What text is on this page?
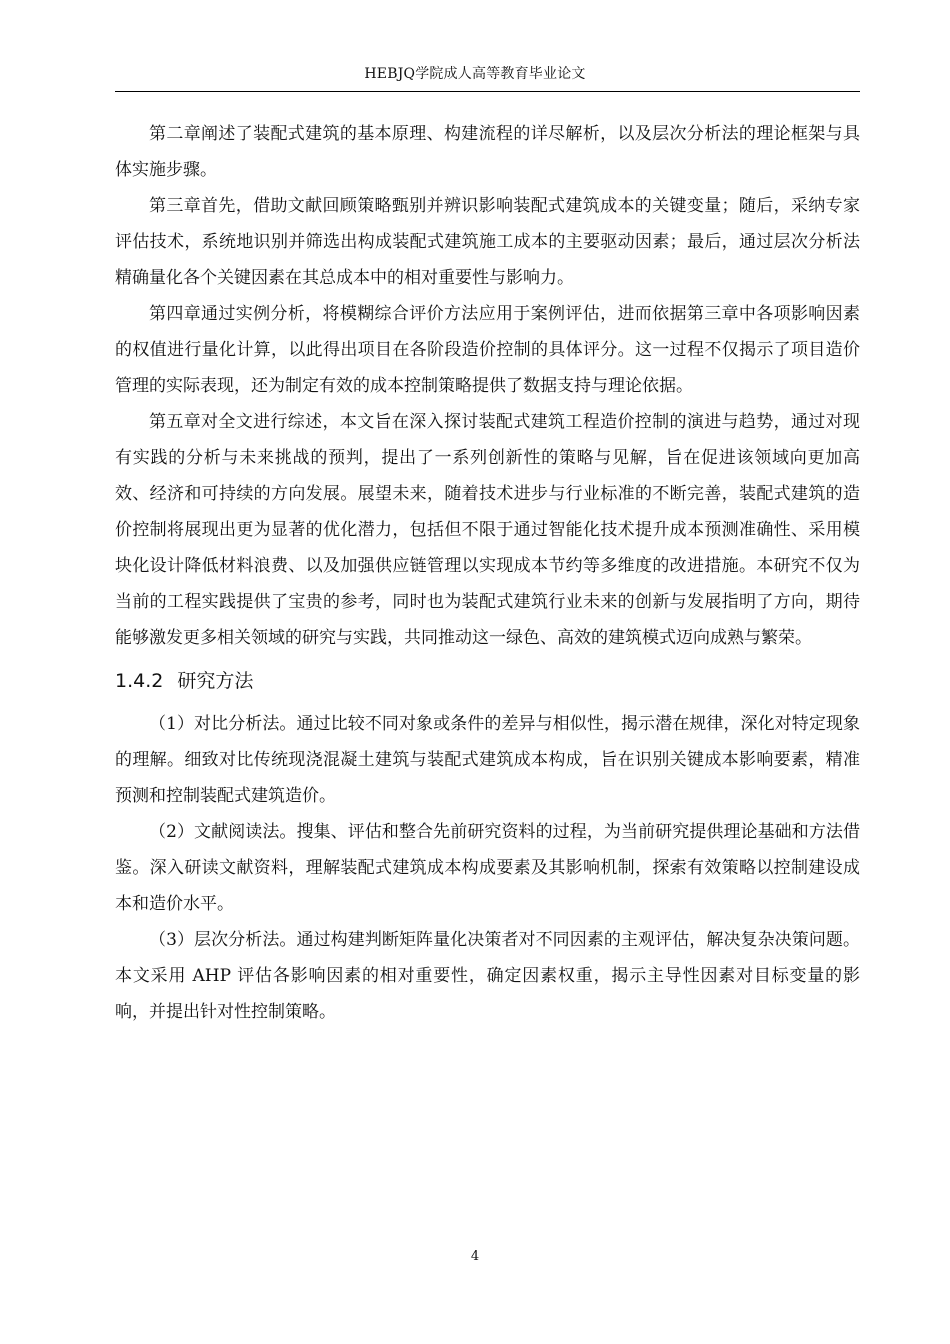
HEBJQ学院成人高等教育毕业论文

第二章阐述了装配式建筑的基本原理、构建流程的详尽解析，以及层次分析法的理论框架与具体实施步骤。

第三章首先，借助文献回顾策略甄别并辨识影响装配式建筑成本的关键变量；随后，采纳专家评估技术，系统地识别并筛选出构成装配式建筑施工成本的主要驱动因素；最后，通过层次分析法精确量化各个关键因素在其总成本中的相对重要性与影响力。

第四章通过实例分析，将模糊综合评价方法应用于案例评估，进而依据第三章中各项影响因素的权值进行量化计算，以此得出项目在各阶段造价控制的具体评分。这一过程不仅揭示了项目造价管理的实际表现，还为制定有效的成本控制策略提供了数据支持与理论依据。

第五章对全文进行综述，本文旨在深入探讨装配式建筑工程造价控制的演进与趋势，通过对现有实践的分析与未来挑战的预判，提出了一系列创新性的策略与见解，旨在促进该领域向更加高效、经济和可持续的方向发展。展望未来，随着技术进步与行业标准的不断完善，装配式建筑的造价控制将展现出更为显著的优化潜力，包括但不限于通过智能化技术提升成本预测准确性、采用模块化设计降低材料浪费、以及加强供应链管理以实现成本节约等多维度的改进措施。本研究不仅为当前的工程实践提供了宝贵的参考，同时也为装配式建筑行业未来的创新与发展指明了方向，期待能够激发更多相关领域的研究与实践，共同推动这一绿色、高效的建筑模式迈向成熟与繁荣。

1.4.2 研究方法

（1）对比分析法。通过比较不同对象或条件的差异与相似性，揭示潜在规律，深化对特定现象的理解。细致对比传统现浇混凝土建筑与装配式建筑成本构成，旨在识别关键成本影响要素，精准预测和控制装配式建筑造价。

（2）文献阅读法。搜集、评估和整合先前研究资料的过程，为当前研究提供理论基础和方法借鉴。深入研读文献资料，理解装配式建筑成本构成要素及其影响机制，探索有效策略以控制建设成本和造价水平。

（3）层次分析法。通过构建判断矩阵量化决策者对不同因素的主观评估，解决复杂决策问题。本文采用 AHP 评估各影响因素的相对重要性，确定因素权重，揭示主导性因素对目标变量的影响，并提出针对性控制策略。

4
